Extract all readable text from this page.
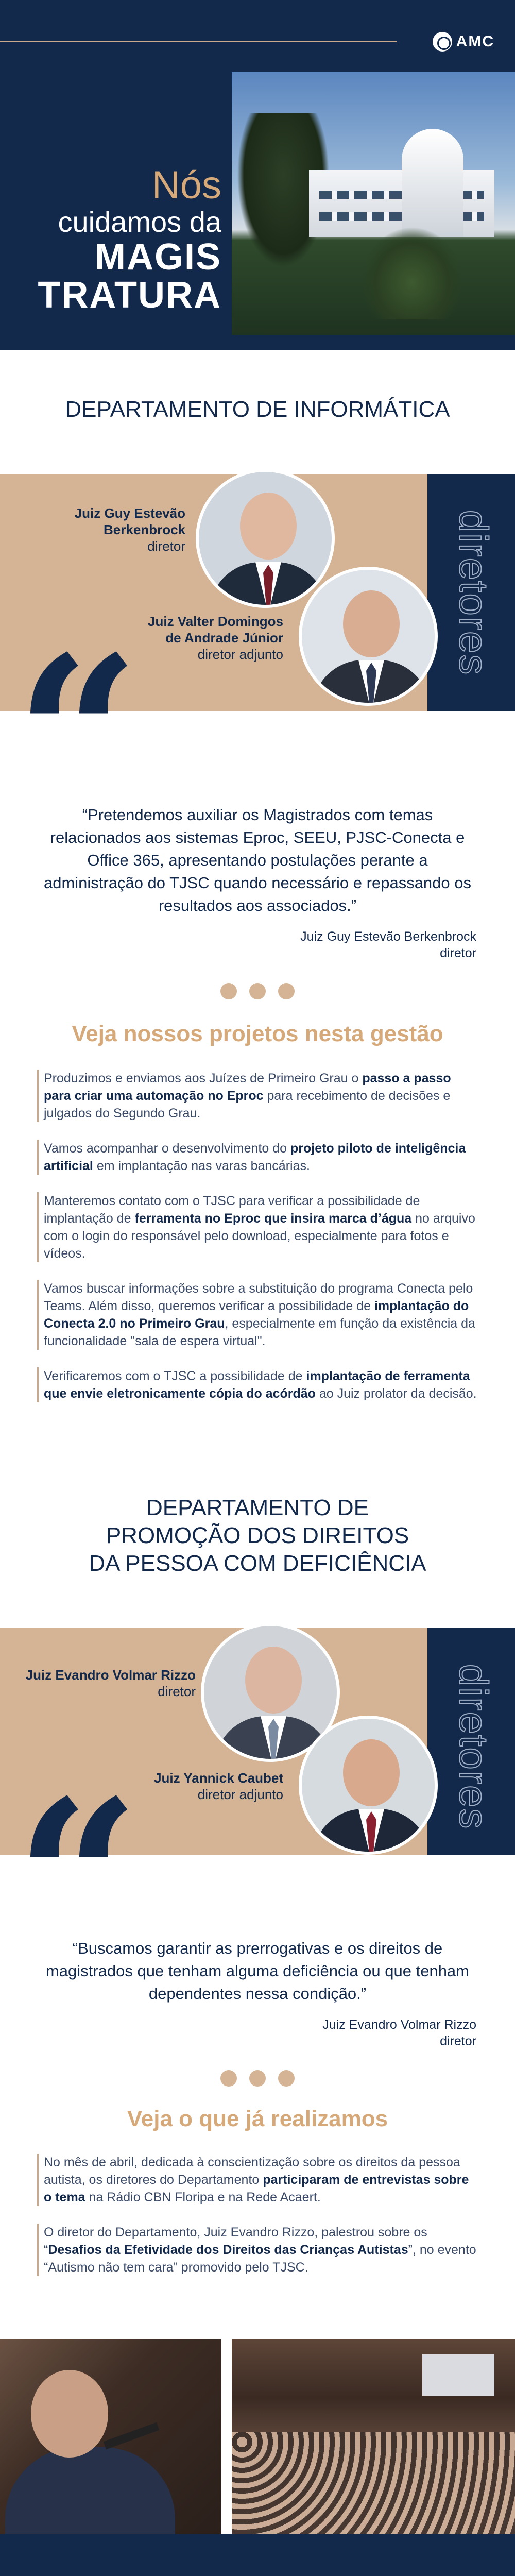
AMC
Nós
cuidamos da
MAGIS
TRATURA
DEPARTAMENTO DE INFORMÁTICA
diretores
Juiz Guy Estevão
Berkenbrock
diretor
Juiz Valter Domingos
de Andrade Júnior
diretor adjunto
“

“Pretendemos auxiliar os Magistrados com temas relacionados aos sistemas Eproc, SEEU, PJSC-Conecta e Office 365, apresentando postulações perante a administração do TJSC quando necessário e repassando os resultados aos associados.”

Juiz Guy Estevão Berkenbrock
diretor
Veja nossos projetos nesta gestão

Produzimos e enviamos aos Juízes de Primeiro Grau o passo a passo para criar uma automação no Eproc para recebimento de decisões e julgados do Segundo Grau.

Vamos acompanhar o desenvolvimento do projeto piloto de inteligência artificial em implantação nas varas bancárias.

Manteremos contato com o TJSC para verificar a possibilidade de implantação de ferramenta no Eproc que insira marca d’água no arquivo com o login do responsável pelo download, especialmente para fotos e vídeos.

Vamos buscar informações sobre a substituição do programa Conecta pelo Teams. Além disso, queremos verificar a possibilidade de implantação do Conecta 2.0 no Primeiro Grau, especialmente em função da existência da funcionalidade "sala de espera virtual".

Verificaremos com o TJSC a possibilidade de implantação de ferramenta que envie eletronicamente cópia do acórdão ao Juiz prolator da decisão.

DEPARTAMENTO DE
PROMOÇÃO DOS DIREITOS
DA PESSOA COM DEFICIÊNCIA
diretores
Juiz Evandro Volmar Rizzo
diretor
Juiz Yannick Caubet
diretor adjunto
“

“Buscamos garantir as prerrogativas e os direitos de magistrados que tenham alguma deficiência ou que tenham dependentes nessa condição.”

Juiz Evandro Volmar Rizzo
diretor
Veja o que já realizamos

No mês de abril, dedicada à conscientização sobre os direitos da pessoa autista, os diretores do Departamento participaram de entrevistas sobre o tema na Rádio CBN Floripa e na Rede Acaert.

O diretor do Departamento, Juiz Evandro Rizzo, palestrou sobre os “Desafios da Efetividade dos Direitos das Crianças Autistas”, no evento “Autismo não tem cara” promovido pelo TJSC.
